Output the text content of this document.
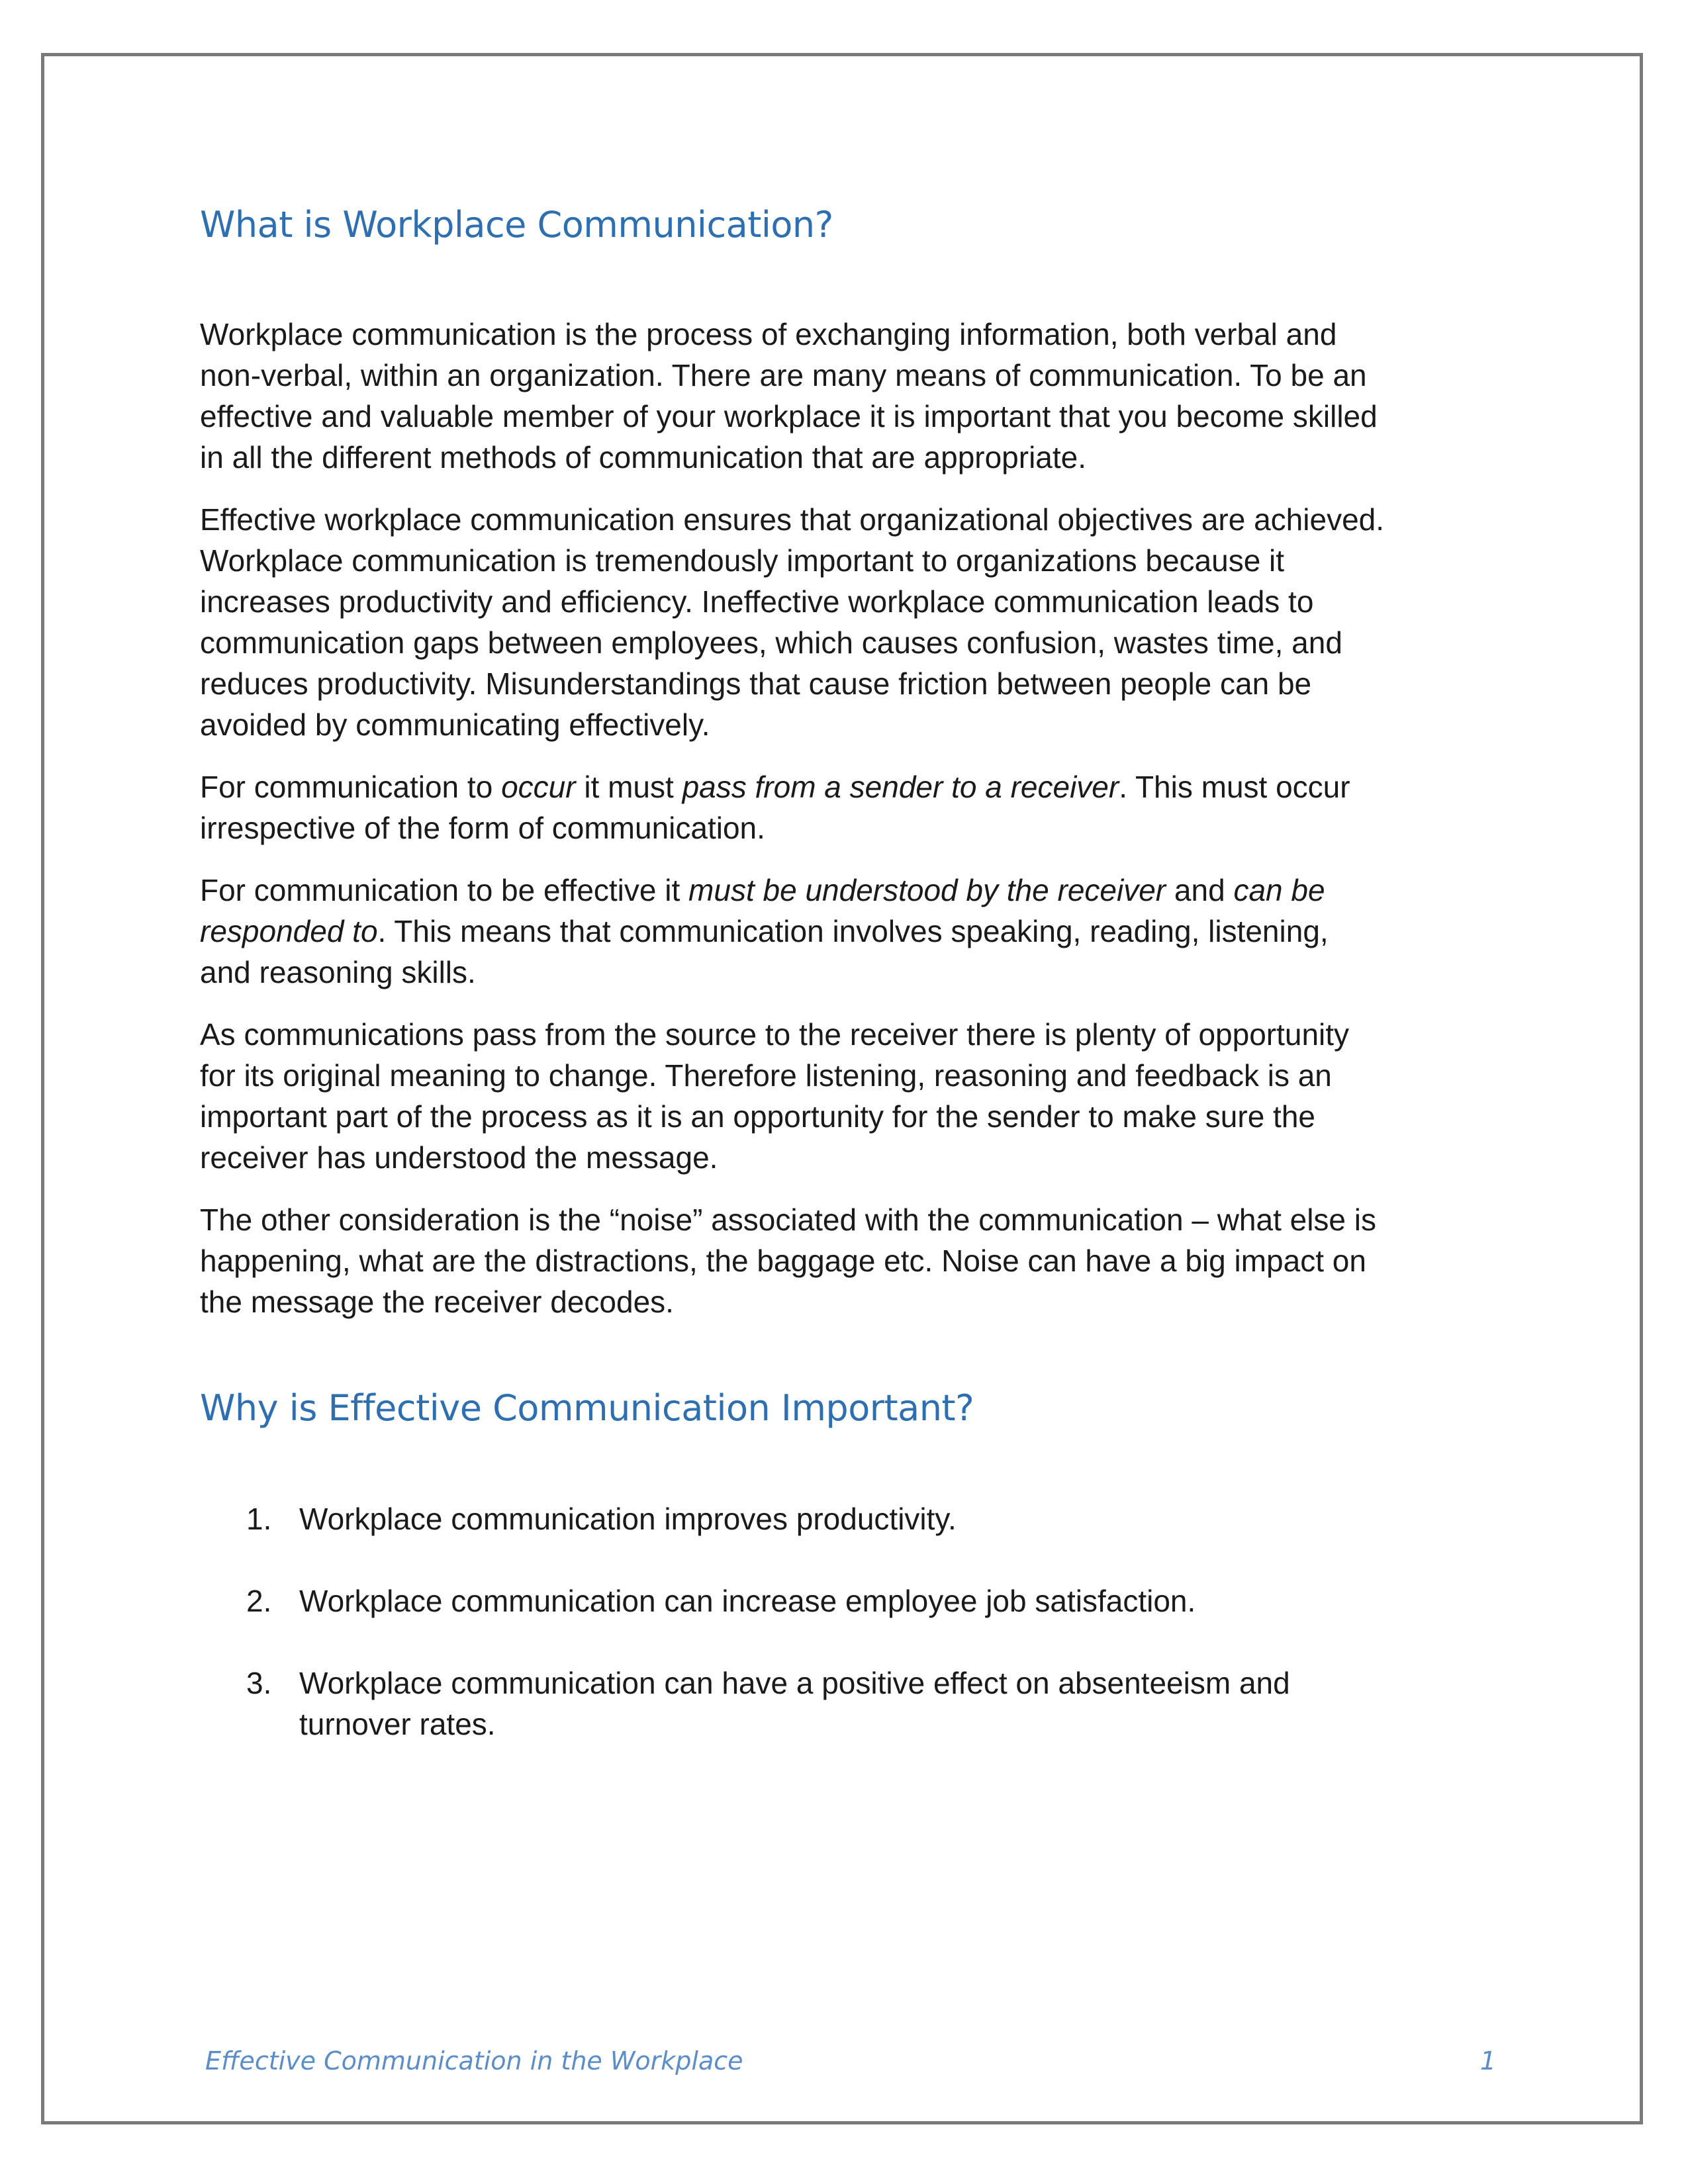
What is Workplace Communication?

Workplace communication is the process of exchanging information, both verbal and
non-verbal, within an organization. There are many means of communication. To be an
effective and valuable member of your workplace it is important that you become skilled
in all the different methods of communication that are appropriate.

Effective workplace communication ensures that organizational objectives are achieved.
Workplace communication is tremendously important to organizations because it
increases productivity and efficiency. Ineffective workplace communication leads to
communication gaps between employees, which causes confusion, wastes time, and
reduces productivity. Misunderstandings that cause friction between people can be
avoided by communicating effectively.

For communication to occur it must pass from a sender to a receiver. This must occur
irrespective of the form of communication.

For communication to be effective it must be understood by the receiver and can be
responded to. This means that communication involves speaking, reading, listening,
and reasoning skills.

As communications pass from the source to the receiver there is plenty of opportunity
for its original meaning to change. Therefore listening, reasoning and feedback is an
important part of the process as it is an opportunity for the sender to make sure the
receiver has understood the message.

The other consideration is the “noise” associated with the communication – what else is
happening, what are the distractions, the baggage etc. Noise can have a big impact on
the message the receiver decodes.

Why is Effective Communication Important?
1. Workplace communication improves productivity.
2. Workplace communication can increase employee job satisfaction.
3. Workplace communication can have a positive effect on absenteeism and
turnover rates.
Effective Communication in the Workplace	1
